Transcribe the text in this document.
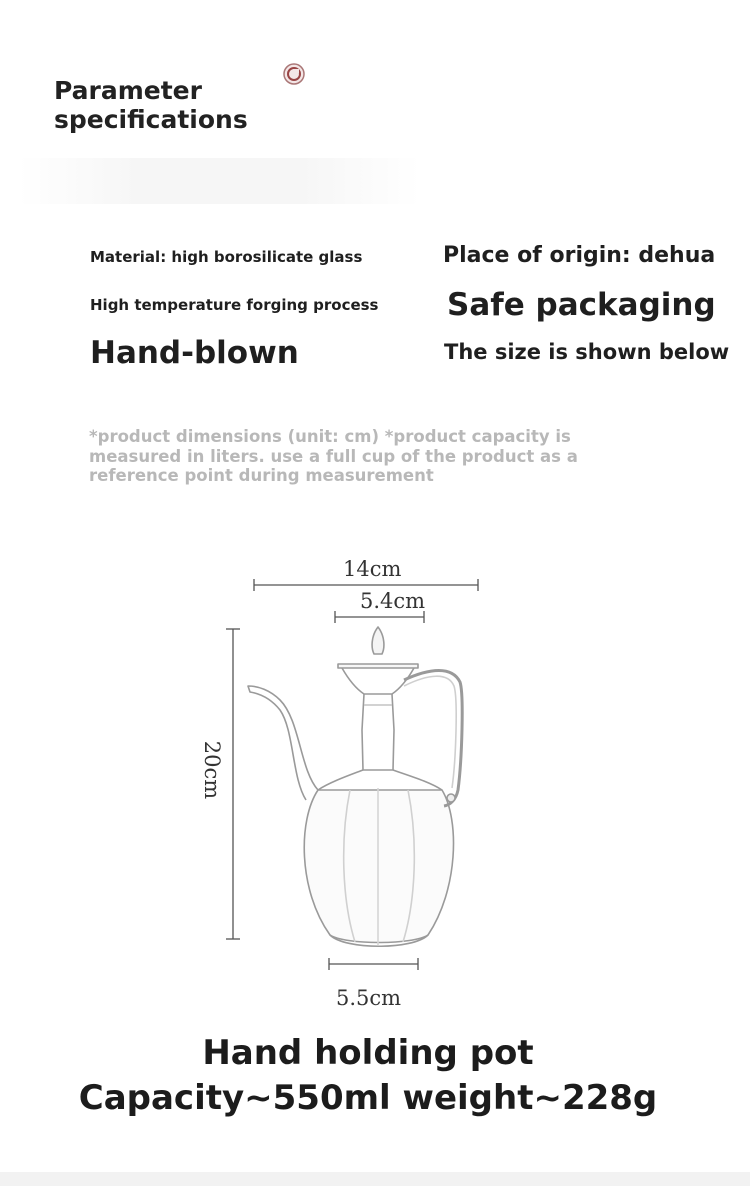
Parameter
specifications
Material: high borosilicate glass
High temperature forging process
Hand-blown
Place of origin: dehua
Safe packaging
The size is shown below
*product dimensions (unit: cm) *product capacity is measured in liters. use a full cup of the product as a reference point during measurement
14cm
5.4cm
20cm
5.5cm
Hand holding pot
Capacity~550ml weight~228g
